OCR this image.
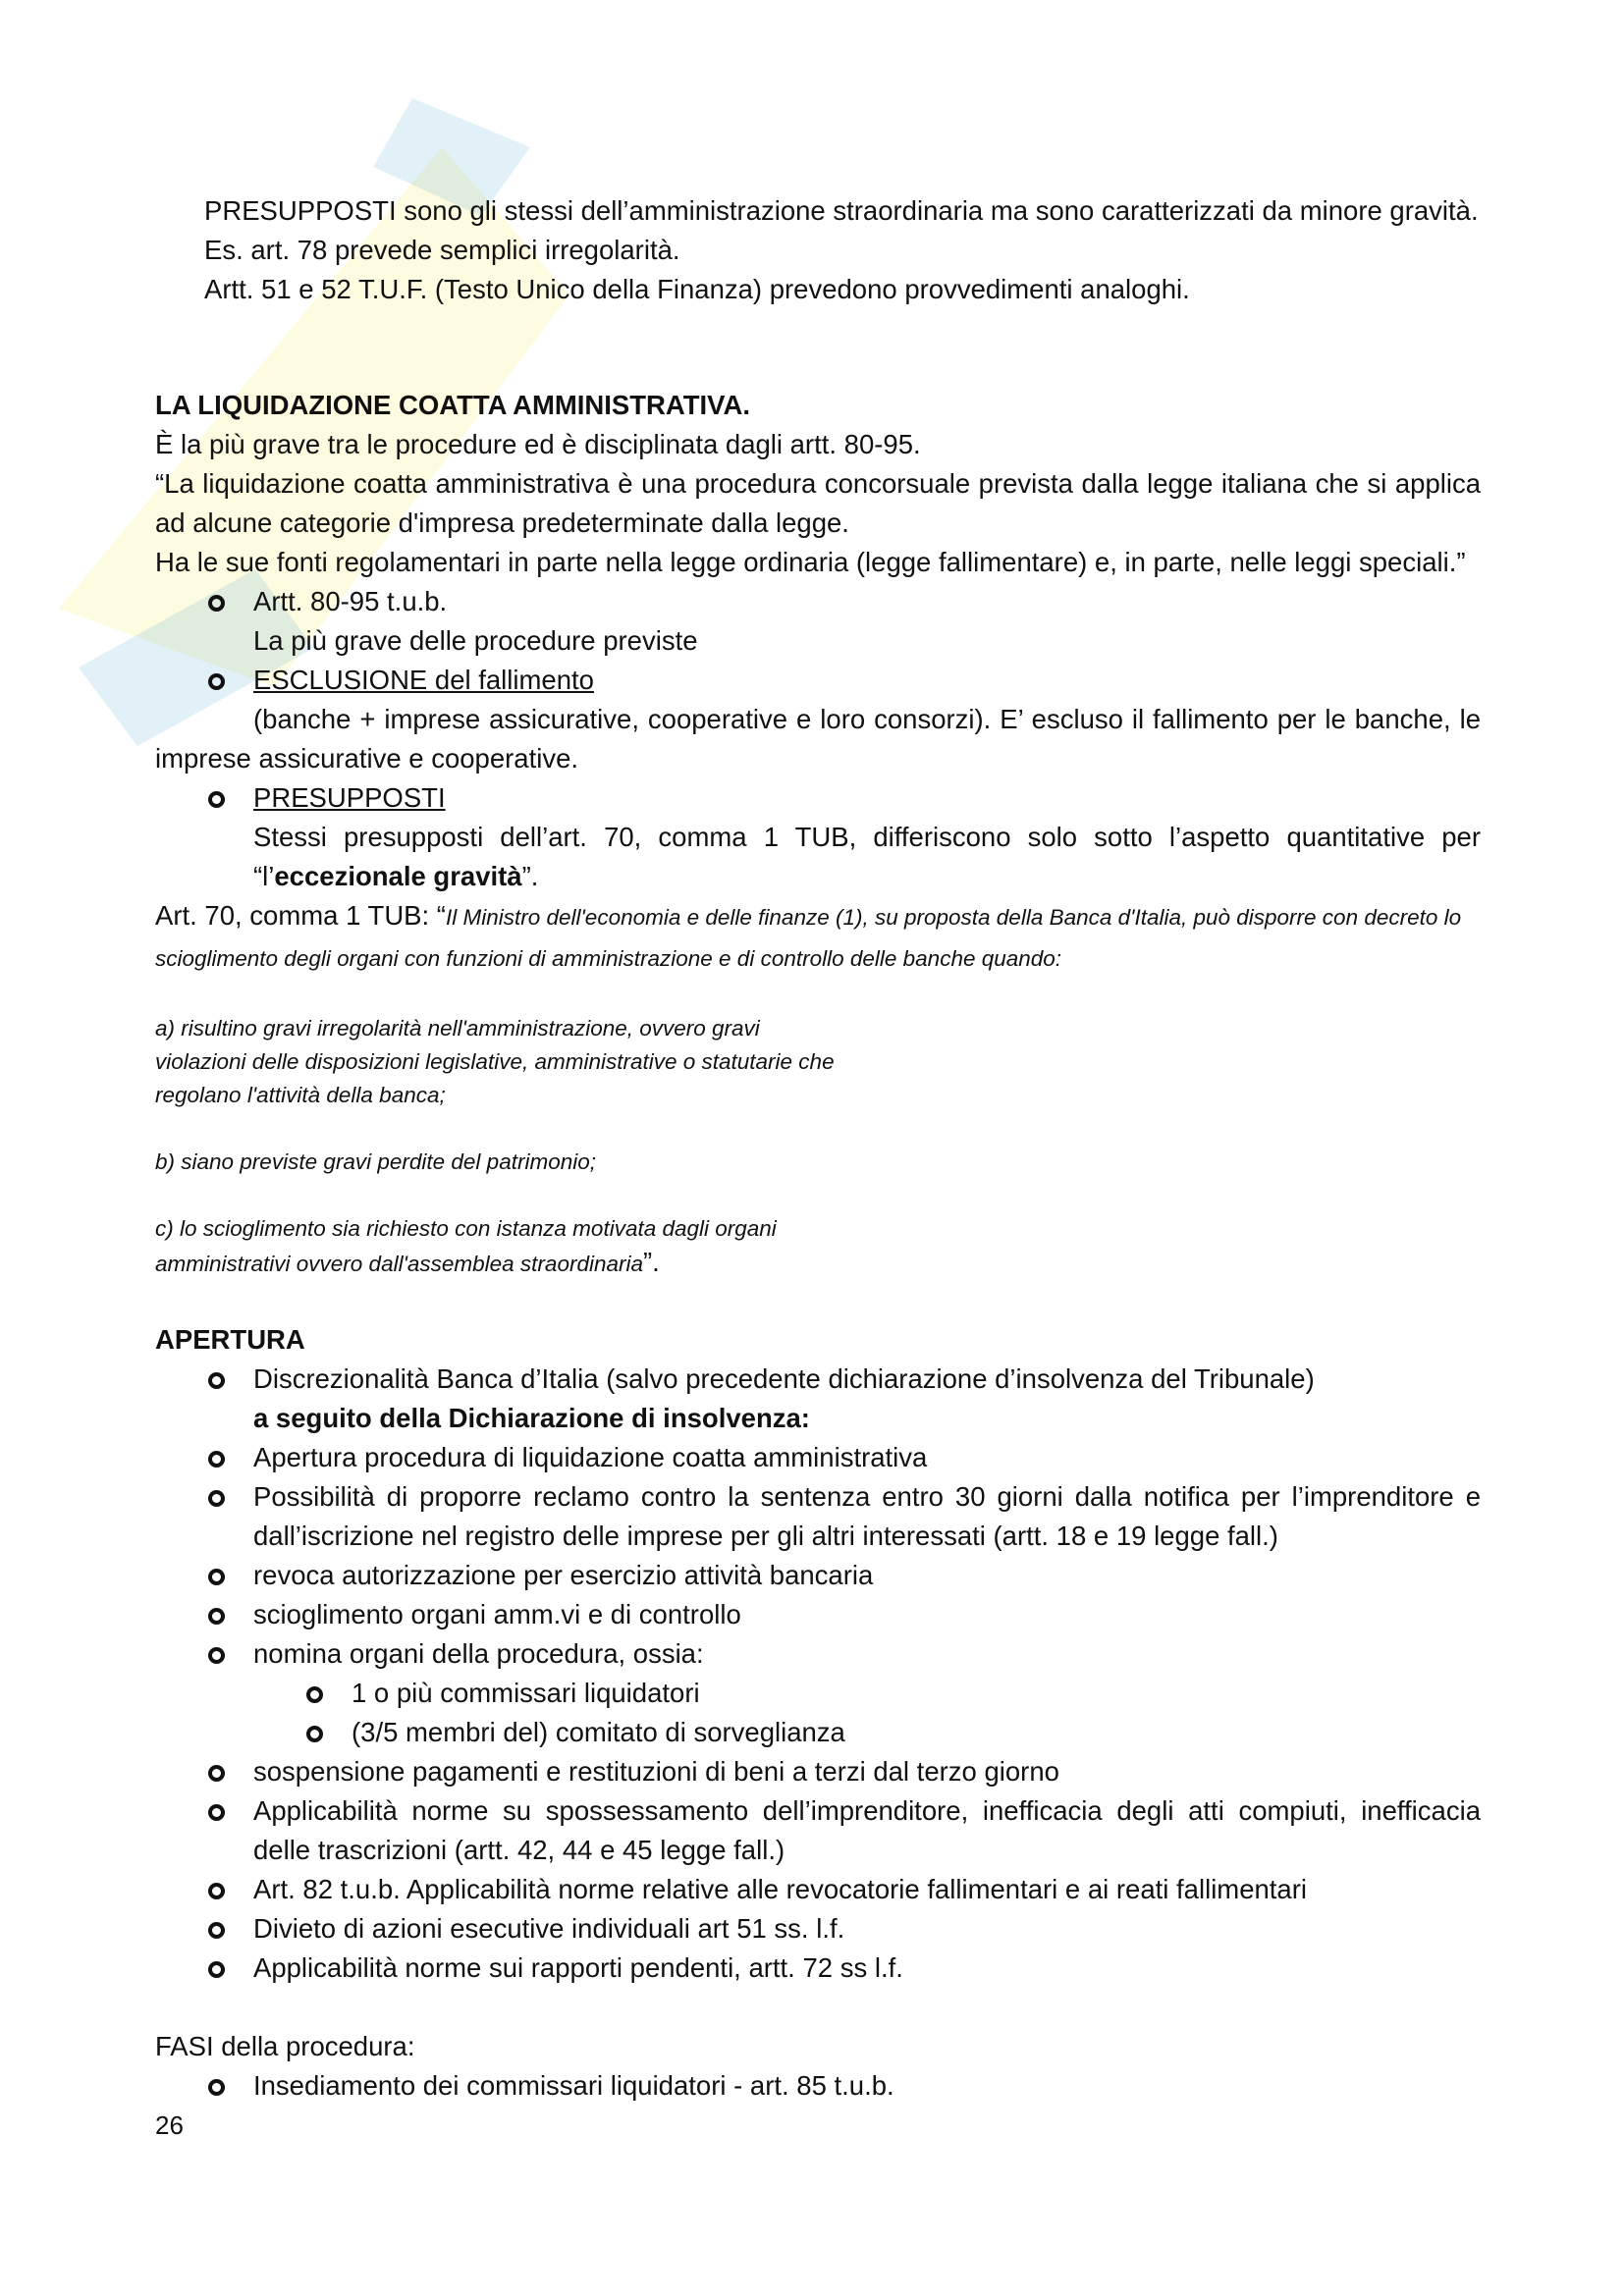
PRESUPPOSTI sono gli stessi dell’amministrazione straordinaria ma sono caratterizzati da minore gravità.

Es. art. 78 prevede semplici irregolarità.

Artt. 51 e 52 T.U.F. (Testo Unico della Finanza) prevedono provvedimenti analoghi.

LA LIQUIDAZIONE COATTA AMMINISTRATIVA.

È la più grave tra le procedure ed è disciplinata dagli artt. 80-95.

“La liquidazione coatta amministrativa è una procedura concorsuale prevista dalla legge italiana che si applica ad alcune categorie d'impresa predeterminate dalla legge.

Ha le sue fonti regolamentari in parte nella legge ordinaria (legge fallimentare) e, in parte, nelle leggi speciali.”

Artt. 80-95 t.u.b.

La più grave delle procedure previste

ESCLUSIONE del fallimento

(banche + imprese assicurative, cooperative e loro consorzi). E’ escluso il fallimento per le banche, le imprese assicurative e cooperative.

PRESUPPOSTI

Stessi presupposti dell’art. 70, comma 1 TUB, differiscono solo sotto l’aspetto quantitative per “l’eccezionale gravità”.

Art. 70, comma 1 TUB: “Il Ministro dell'economia e delle finanze (1), su proposta della Banca d'Italia, può disporre con decreto lo scioglimento degli organi con funzioni di amministrazione e di controllo delle banche quando:

a) risultino gravi irregolarità nell'amministrazione, ovvero gravi

violazioni delle disposizioni legislative, amministrative o statutarie che

regolano l'attività della banca;

b) siano previste gravi perdite del patrimonio;

c) lo scioglimento sia richiesto con istanza motivata dagli organi

amministrativi ovvero dall'assemblea straordinaria”.

APERTURA

Discrezionalità Banca d’Italia (salvo precedente dichiarazione d’insolvenza del Tribunale)

a seguito della Dichiarazione di insolvenza:

Apertura procedura di liquidazione coatta amministrativa
Possibilità di proporre reclamo contro la sentenza entro 30 giorni dalla notifica per l’imprenditore e dall’iscrizione nel registro delle imprese per gli altri interessati (artt. 18 e 19 legge fall.)
revoca autorizzazione per esercizio attività bancaria
scioglimento organi amm.vi e di controllo
nomina organi della procedura, ossia:
1 o più commissari liquidatori
(3/5 membri del) comitato di sorveglianza
sospensione pagamenti e restituzioni di beni a terzi dal terzo giorno
Applicabilità norme su spossessamento dell’imprenditore, inefficacia degli atti compiuti, inefficacia delle trascrizioni (artt. 42, 44 e 45 legge fall.)
Art. 82 t.u.b. Applicabilità norme relative alle revocatorie fallimentari e ai reati fallimentari
Divieto di azioni esecutive individuali art 51 ss. l.f.
Applicabilità norme sui rapporti pendenti, artt. 72 ss l.f.

FASI della procedura:

Insediamento dei commissari liquidatori - art. 85 t.u.b.
26
